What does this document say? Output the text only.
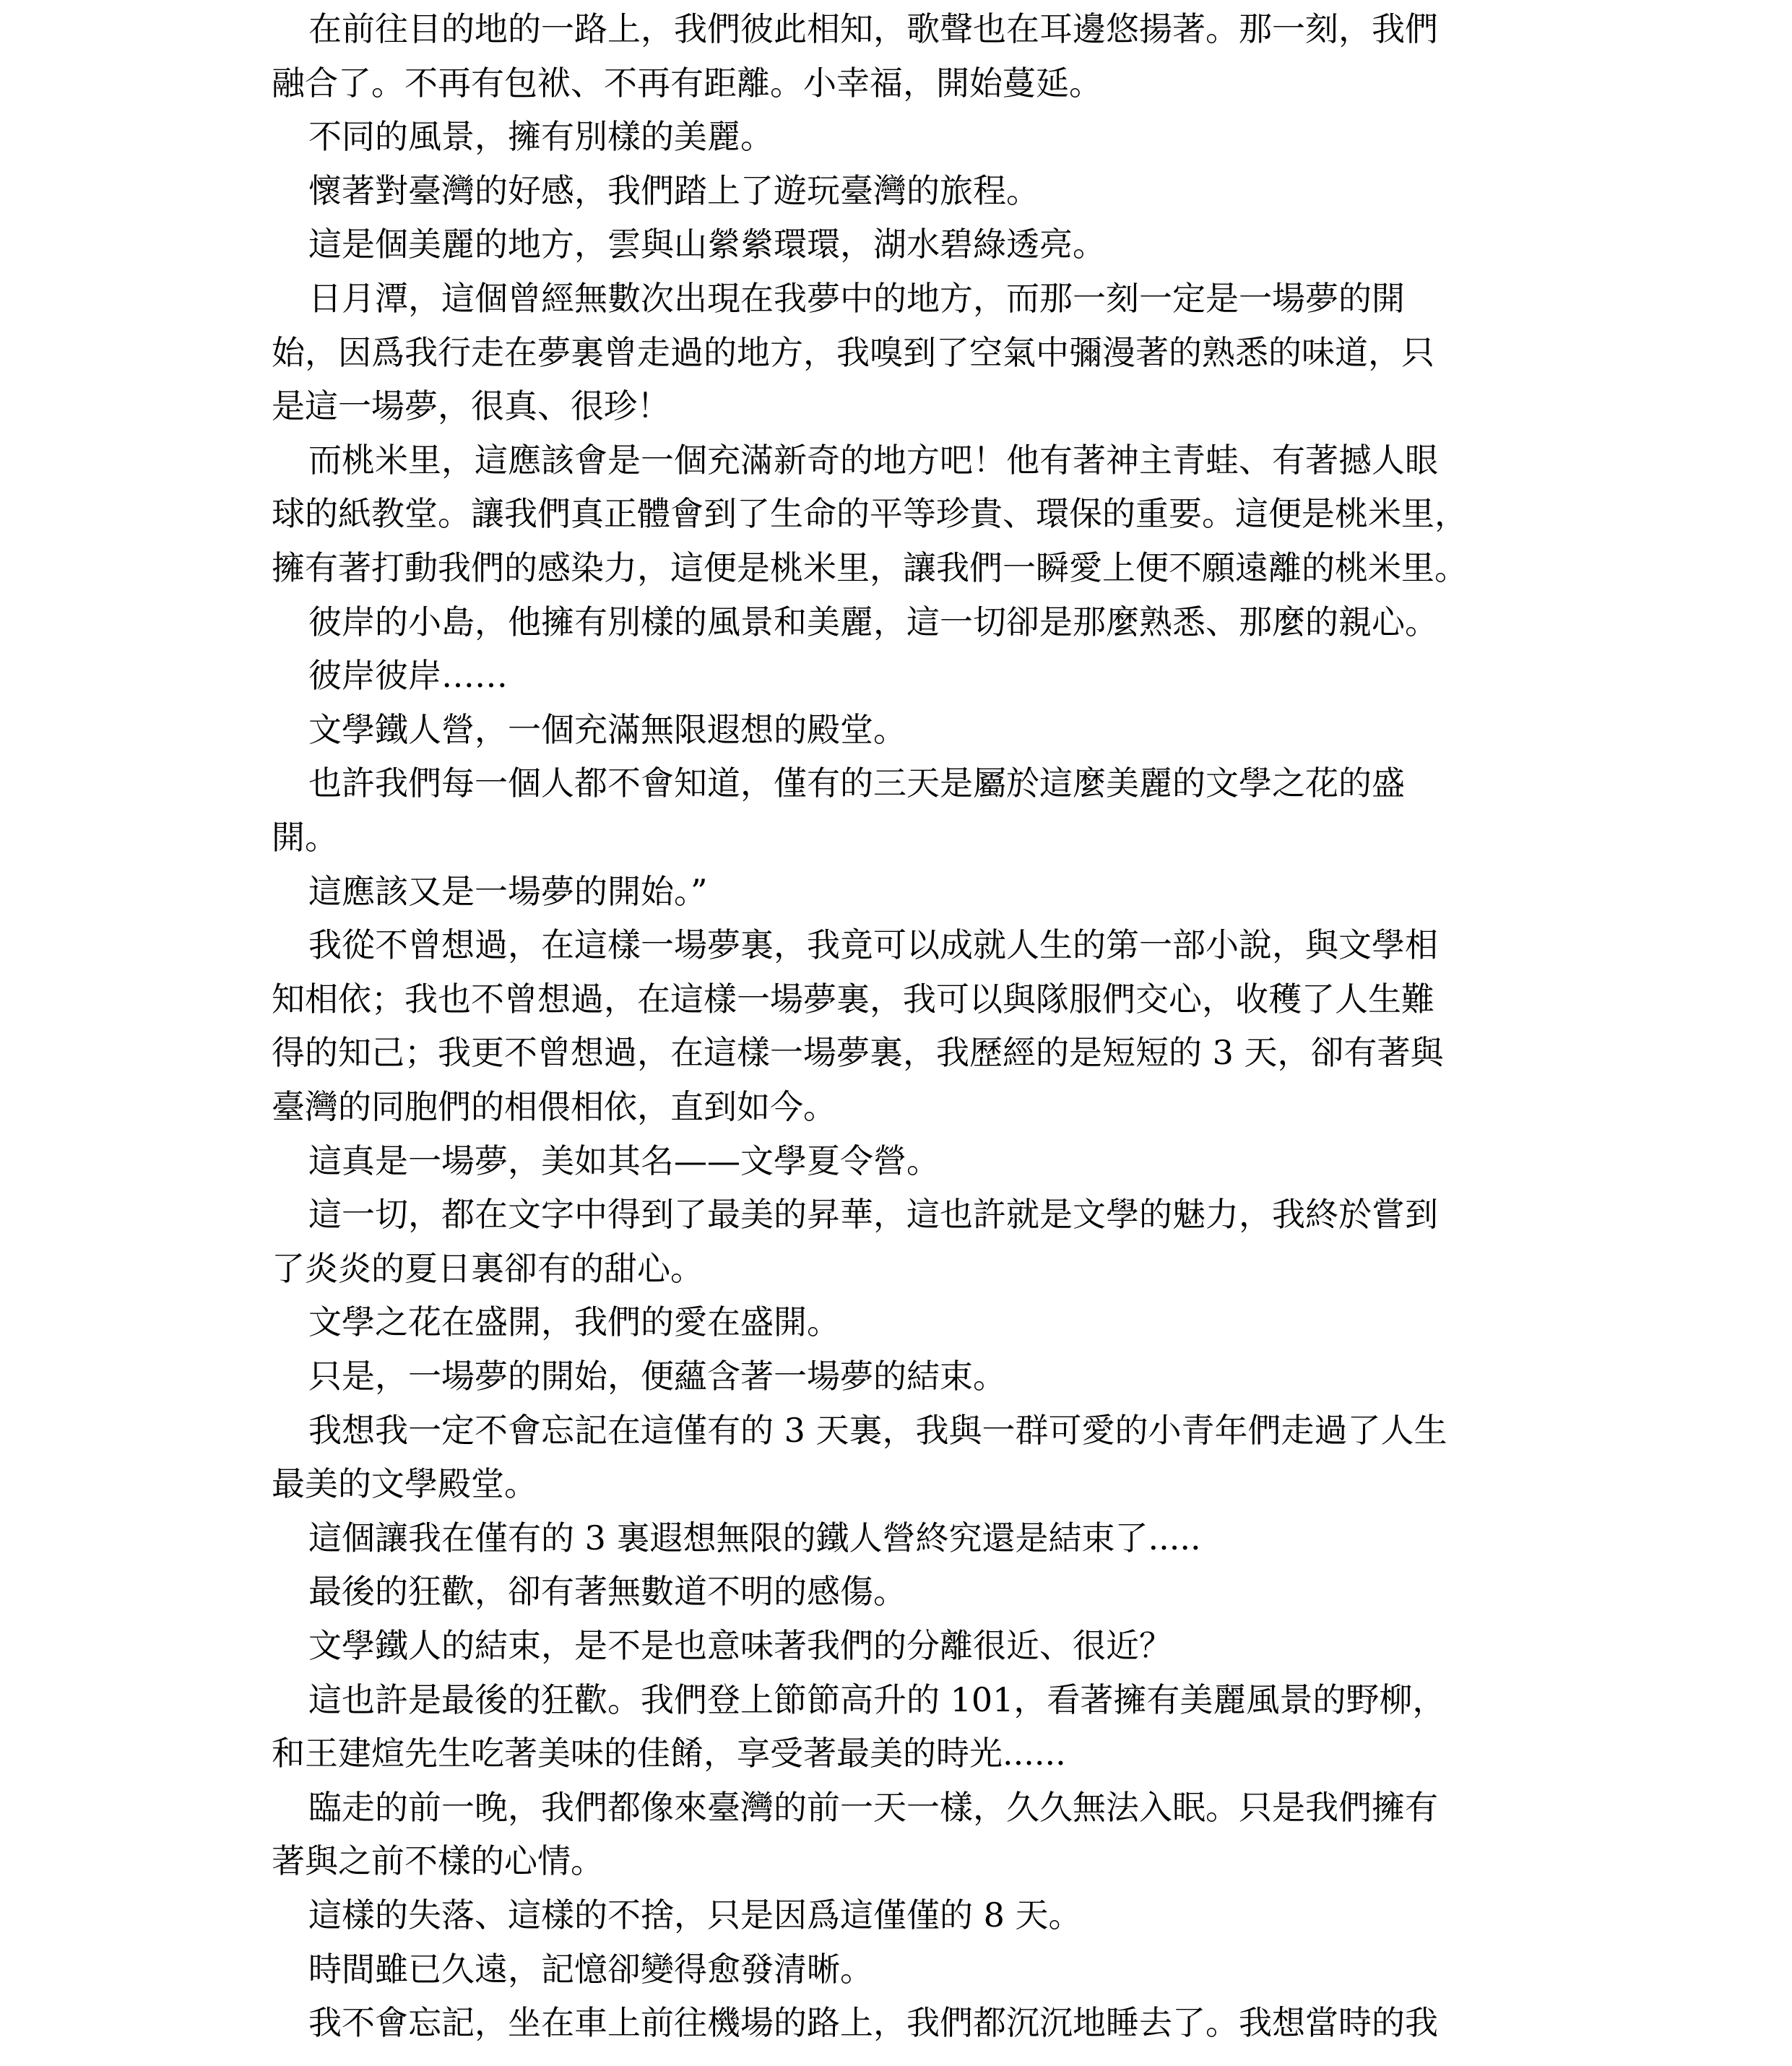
在前往目的地的一路上，我們彼此相知，歌聲也在耳邊悠揚著。那一刻，我們
融合了。不再有包袱、不再有距離。小幸福，開始蔓延。
不同的風景，擁有別樣的美麗。
懷著對臺灣的好感，我們踏上了遊玩臺灣的旅程。
這是個美麗的地方，雲與山縈縈環環，湖水碧綠透亮。
日月潭，這個曾經無數次出現在我夢中的地方，而那一刻一定是一場夢的開
始，因爲我行走在夢裏曾走過的地方，我嗅到了空氣中彌漫著的熟悉的味道，只
是這一場夢，很真、很珍！
而桃米里，這應該會是一個充滿新奇的地方吧！他有著神主青蛙、有著撼人眼
球的紙教堂。讓我們真正體會到了生命的平等珍貴、環保的重要。這便是桃米里，
擁有著打動我們的感染力，這便是桃米里，讓我們一瞬愛上便不願遠離的桃米里。
彼岸的小島，他擁有別樣的風景和美麗，這一切卻是那麼熟悉、那麼的親心。
彼岸彼岸……
文學鐵人營，一個充滿無限遐想的殿堂。
也許我們每一個人都不會知道，僅有的三天是屬於這麼美麗的文學之花的盛
開。
這應該又是一場夢的開始。”
我從不曾想過，在這樣一場夢裏，我竟可以成就人生的第一部小說，與文學相
知相依；我也不曾想過，在這樣一場夢裏，我可以與隊服們交心，收穫了人生難
得的知己；我更不曾想過，在這樣一場夢裏，我歷經的是短短的 3 天，卻有著與
臺灣的同胞們的相偎相依，直到如今。
這真是一場夢，美如其名——文學夏令營。
這一切，都在文字中得到了最美的昇華，這也許就是文學的魅力，我終於嘗到
了炎炎的夏日裏卻有的甜心。
文學之花在盛開，我們的愛在盛開。
只是，一場夢的開始，便蘊含著一場夢的結束。
我想我一定不會忘記在這僅有的 3 天裏，我與一群可愛的小青年們走過了人生
最美的文學殿堂。
這個讓我在僅有的 3 裏遐想無限的鐵人營終究還是結束了.....
最後的狂歡，卻有著無數道不明的感傷。
文學鐵人的結束，是不是也意味著我們的分離很近、很近？
這也許是最後的狂歡。我們登上節節高升的 101，看著擁有美麗風景的野柳，
和王建煊先生吃著美味的佳餚，享受著最美的時光......
臨走的前一晚，我們都像來臺灣的前一天一樣，久久無法入眠。只是我們擁有
著與之前不樣的心情。
這樣的失落、這樣的不捨，只是因爲這僅僅的 8 天。
時間雖已久遠，記憶卻變得愈發清晰。
我不會忘記，坐在車上前往機場的路上，我們都沉沉地睡去了。我想當時的我
